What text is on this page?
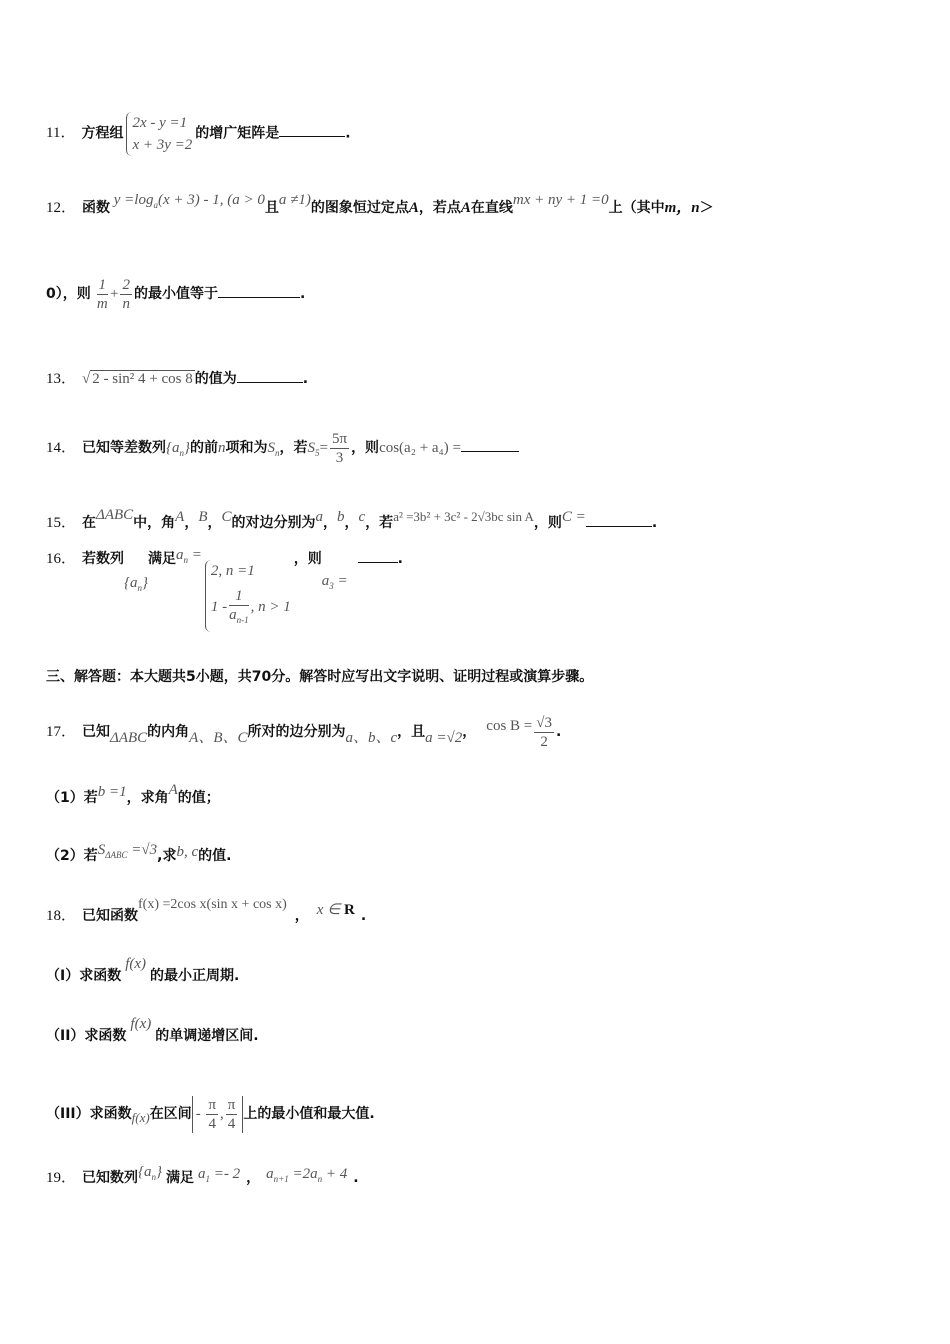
11． 方程组
2x - y =1
x + 3y =2
的增广矩阵是	.
12． 函数 $y =\log_a(x + 3) - 1$, (a > 0且a ≠1)的图象恒过定点A，若点A在直线mx + ny + 1 =0上（其中m，n＞
0），则 $\frac{1}{m} + \frac{2}{n}$ 的最小值等于	.
13． √ 2 - sin² 4 + cos 8 的值为	.
14． 已知等差数列$\{a_n\}$的前n项和为$S_n$，若$S_5= \frac{5\pi}{3}$ ，则cos(a₂ + a₄) =
15． 在ΔABC中，角A，B，C的对边分别为a，b，c，若a² =3b² + 3c² - 2√3bc sin A，则C =	.
16． 若数列$\{a_n\}$满足$a_n$ =
2, n =1
$1 - \frac{1}{a_{n-1}}$ , n > 1
，则$a_3$ =.
三、解答题：本大题共5小题，共70分。解答时应写出文字说明、证明过程或演算步骤。
17． 已知ΔABC的内角A、B、C所对的边分别为a、b、c，且a =√2， $\cos B = \frac{√3}{2}$ .
（1）若b =1，求角A的值；
（2）若$S_{\Delta ABC} =√3$,求b, c的值.
18． 已知函数f(x) =2cos x(sin x + cos x)， x ∈ R .
（I）求函数f(x)的最小正周期.
（II）求函数f(x)的单调递增区间.
（III）求函数f(x)在区间 - $\frac{\pi}{4}$ , $\frac{\pi}{4}$ 上的最小值和最大值.
19． 已知数列$\{a_n\}$ 满足 $a_1 =- 2$ ， $a_{n+1} =2a_n + 4$ .
